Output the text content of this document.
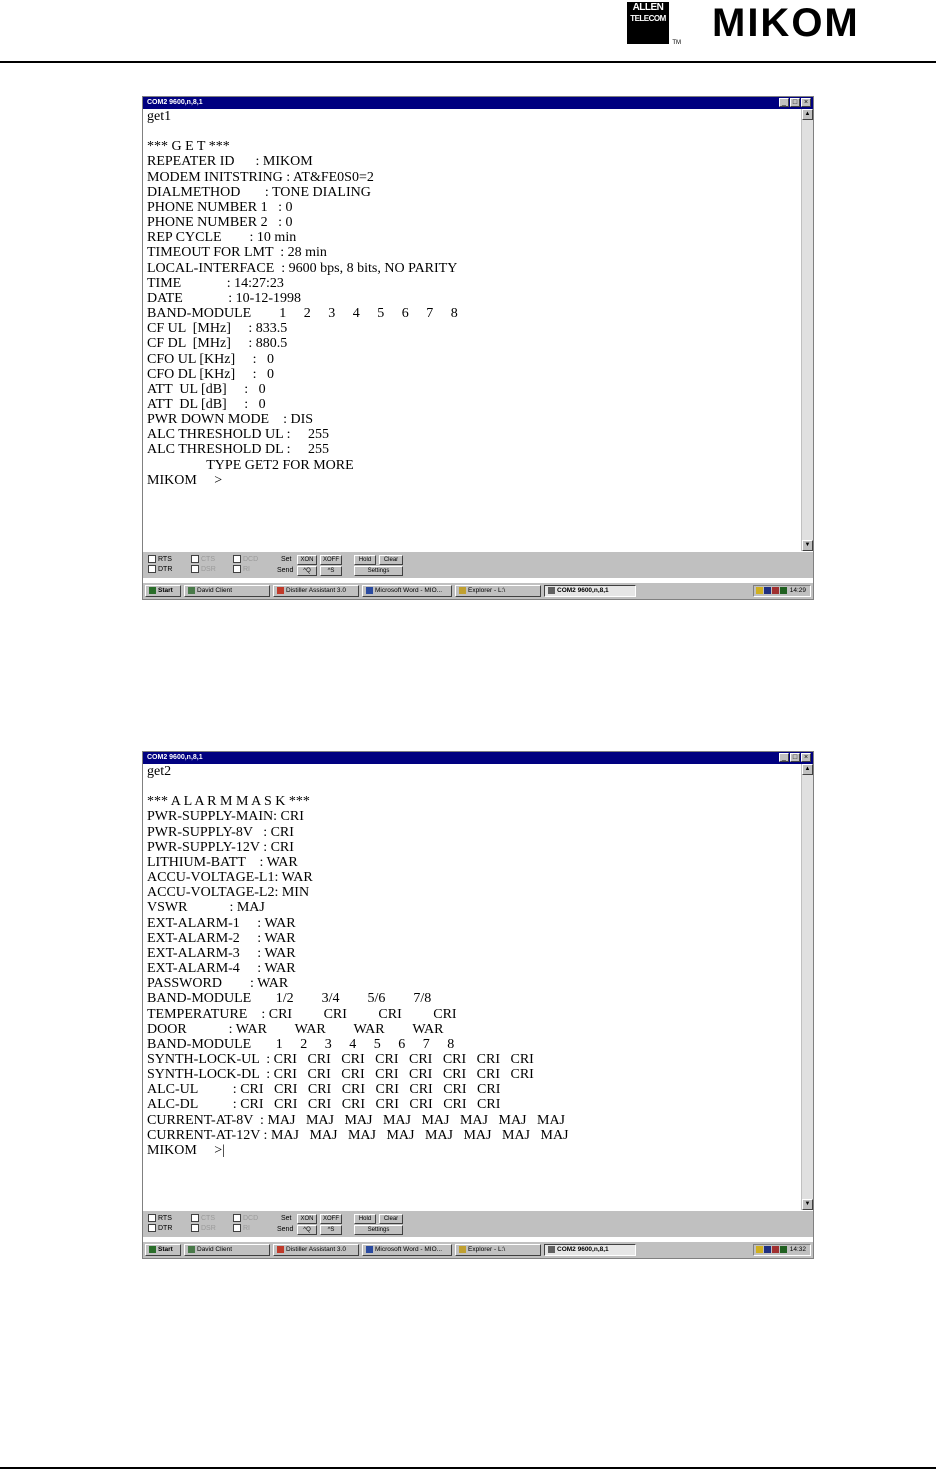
ALLEN
TELECOM
TM MIKOM
COM2 9600,n,8,1	_ □ ×
get1

*** G E T ***
REPEATER ID      : MIKOM
MODEM INITSTRING : AT&FE0S0=2
DIALMETHOD       : TONE DIALING
PHONE NUMBER 1   : 0
PHONE NUMBER 2   : 0
REP CYCLE        : 10 min
TIMEOUT FOR LMT  : 28 min
LOCAL-INTERFACE  : 9600 bps, 8 bits, NO PARITY
TIME             : 14:27:23
DATE             : 10-12-1998
BAND-MODULE        1     2     3     4     5     6     7     8
CF UL  [MHz]     : 833.5
CF DL  [MHz]     : 880.5
CFO UL [KHz]     :   0
CFO DL [KHz]     :   0
ATT  UL [dB]     :   0
ATT  DL [dB]     :   0
PWR DOWN MODE    : DIS
ALC THRESHOLD UL :     255
ALC THRESHOLD DL :     255
TYPE GET2 FOR MORE
MIKOM     >
▲
▼
RTS
DTR
CTS
DSR
DCD
RI
Set	XON	XOFF	Hold	Clear
Send	^Q	^S	Settings
Start	David Client	Distiller Assistant 3.0	Microsoft Word - MIO...	Explorer - L:\	COM2 9600,n,8,1	14:29
COM2 9600,n,8,1	_ □ ×
get2

*** A L A R M M A S K ***
PWR-SUPPLY-MAIN: CRI
PWR-SUPPLY-8V   : CRI
PWR-SUPPLY-12V : CRI
LITHIUM-BATT    : WAR
ACCU-VOLTAGE-L1: WAR
ACCU-VOLTAGE-L2: MIN
VSWR            : MAJ
EXT-ALARM-1     : WAR
EXT-ALARM-2     : WAR
EXT-ALARM-3     : WAR
EXT-ALARM-4     : WAR
PASSWORD        : WAR
BAND-MODULE       1/2        3/4        5/6        7/8
TEMPERATURE    : CRI         CRI         CRI         CRI
DOOR            : WAR        WAR        WAR        WAR
BAND-MODULE       1     2     3     4     5     6     7     8
SYNTH-LOCK-UL  : CRI   CRI   CRI   CRI   CRI   CRI   CRI   CRI
SYNTH-LOCK-DL  : CRI   CRI   CRI   CRI   CRI   CRI   CRI   CRI
ALC-UL          : CRI   CRI   CRI   CRI   CRI   CRI   CRI   CRI
ALC-DL          : CRI   CRI   CRI   CRI   CRI   CRI   CRI   CRI
CURRENT-AT-8V  : MAJ   MAJ   MAJ   MAJ   MAJ   MAJ   MAJ   MAJ
CURRENT-AT-12V : MAJ   MAJ   MAJ   MAJ   MAJ   MAJ   MAJ   MAJ
MIKOM     >|
▲
▼
RTS
DTR
CTS
DSR
DCD
RI
Set	XON	XOFF	Hold	Clear
Send	^Q	^S	Settings
Start	David Client	Distiller Assistant 3.0	Microsoft Word - MIO...	Explorer - L:\	COM2 9600,n,8,1	14:32
